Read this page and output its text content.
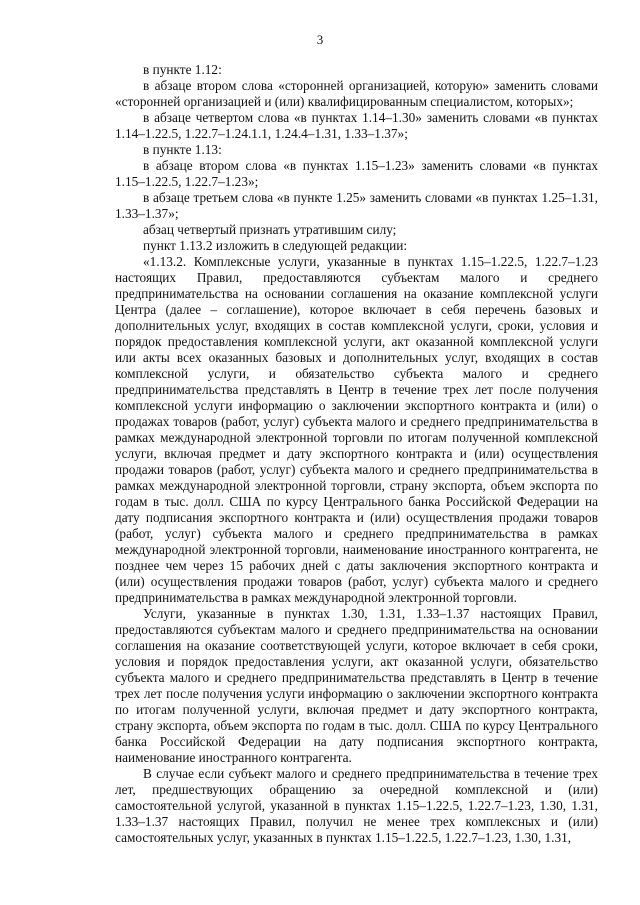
3

в пункте 1.12:

в абзаце втором слова «сторонней организацией, которую» заменить словами «сторонней организацией и (или) квалифицированным специалистом, которых»;

в абзаце четвертом слова «в пунктах 1.14–1.30» заменить словами «в пунктах 1.14–1.22.5, 1.22.7–1.24.1.1, 1.24.4–1.31, 1.33–1.37»;

в пункте 1.13:

в абзаце втором слова «в пунктах 1.15–1.23» заменить словами «в пунктах 1.15–1.22.5, 1.22.7–1.23»;

в абзаце третьем слова «в пункте 1.25» заменить словами «в пунктах 1.25–1.31, 1.33–1.37»;

абзац четвертый признать утратившим силу;

пункт 1.13.2 изложить в следующей редакции:

«1.13.2. Комплексные услуги, указанные в пунктах 1.15–1.22.5, 1.22.7–1.23 настоящих Правил, предоставляются субъектам малого и среднего предпринимательства на основании соглашения на оказание комплексной услуги Центра (далее – соглашение), которое включает в себя перечень базовых и дополнительных услуг, входящих в состав комплексной услуги, сроки, условия и порядок предоставления комплексной услуги, акт оказанной комплексной услуги или акты всех оказанных базовых и дополнительных услуг, входящих в состав комплексной услуги, и обязательство субъекта малого и среднего предпринимательства представлять в Центр в течение трех лет после получения комплексной услуги информацию о заключении экспортного контракта и (или) о продажах товаров (работ, услуг) субъекта малого и среднего предпринимательства в рамках международной электронной торговли по итогам полученной комплексной услуги, включая предмет и дату экспортного контракта и (или) осуществления продажи товаров (работ, услуг) субъекта малого и среднего предпринимательства в рамках международной электронной торговли, страну экспорта, объем экспорта по годам в тыс. долл. США по курсу Центрального банка Российской Федерации на дату подписания экспортного контракта и (или) осуществления продажи товаров (работ, услуг) субъекта малого и среднего предпринимательства в рамках международной электронной торговли, наименование иностранного контрагента, не позднее чем через 15 рабочих дней с даты заключения экспортного контракта и (или) осуществления продажи товаров (работ, услуг) субъекта малого и среднего предпринимательства в рамках международной электронной торговли.

Услуги, указанные в пунктах 1.30, 1.31, 1.33–1.37 настоящих Правил, предоставляются субъектам малого и среднего предпринимательства на основании соглашения на оказание соответствующей услуги, которое включает в себя сроки, условия и порядок предоставления услуги, акт оказанной услуги, обязательство субъекта малого и среднего предпринимательства представлять в Центр в течение трех лет после получения услуги информацию о заключении экспортного контракта по итогам полученной услуги, включая предмет и дату экспортного контракта, страну экспорта, объем экспорта по годам в тыс. долл. США по курсу Центрального банка Российской Федерации на дату подписания экспортного контракта, наименование иностранного контрагента.

В случае если субъект малого и среднего предпринимательства в течение трех лет, предшествующих обращению за очередной комплексной и (или) самостоятельной услугой, указанной в пунктах 1.15–1.22.5, 1.22.7–1.23, 1.30, 1.31, 1.33–1.37 настоящих Правил, получил не менее трех комплексных и (или) самостоятельных услуг, указанных в пунктах 1.15–1.22.5, 1.22.7–1.23, 1.30, 1.31,
